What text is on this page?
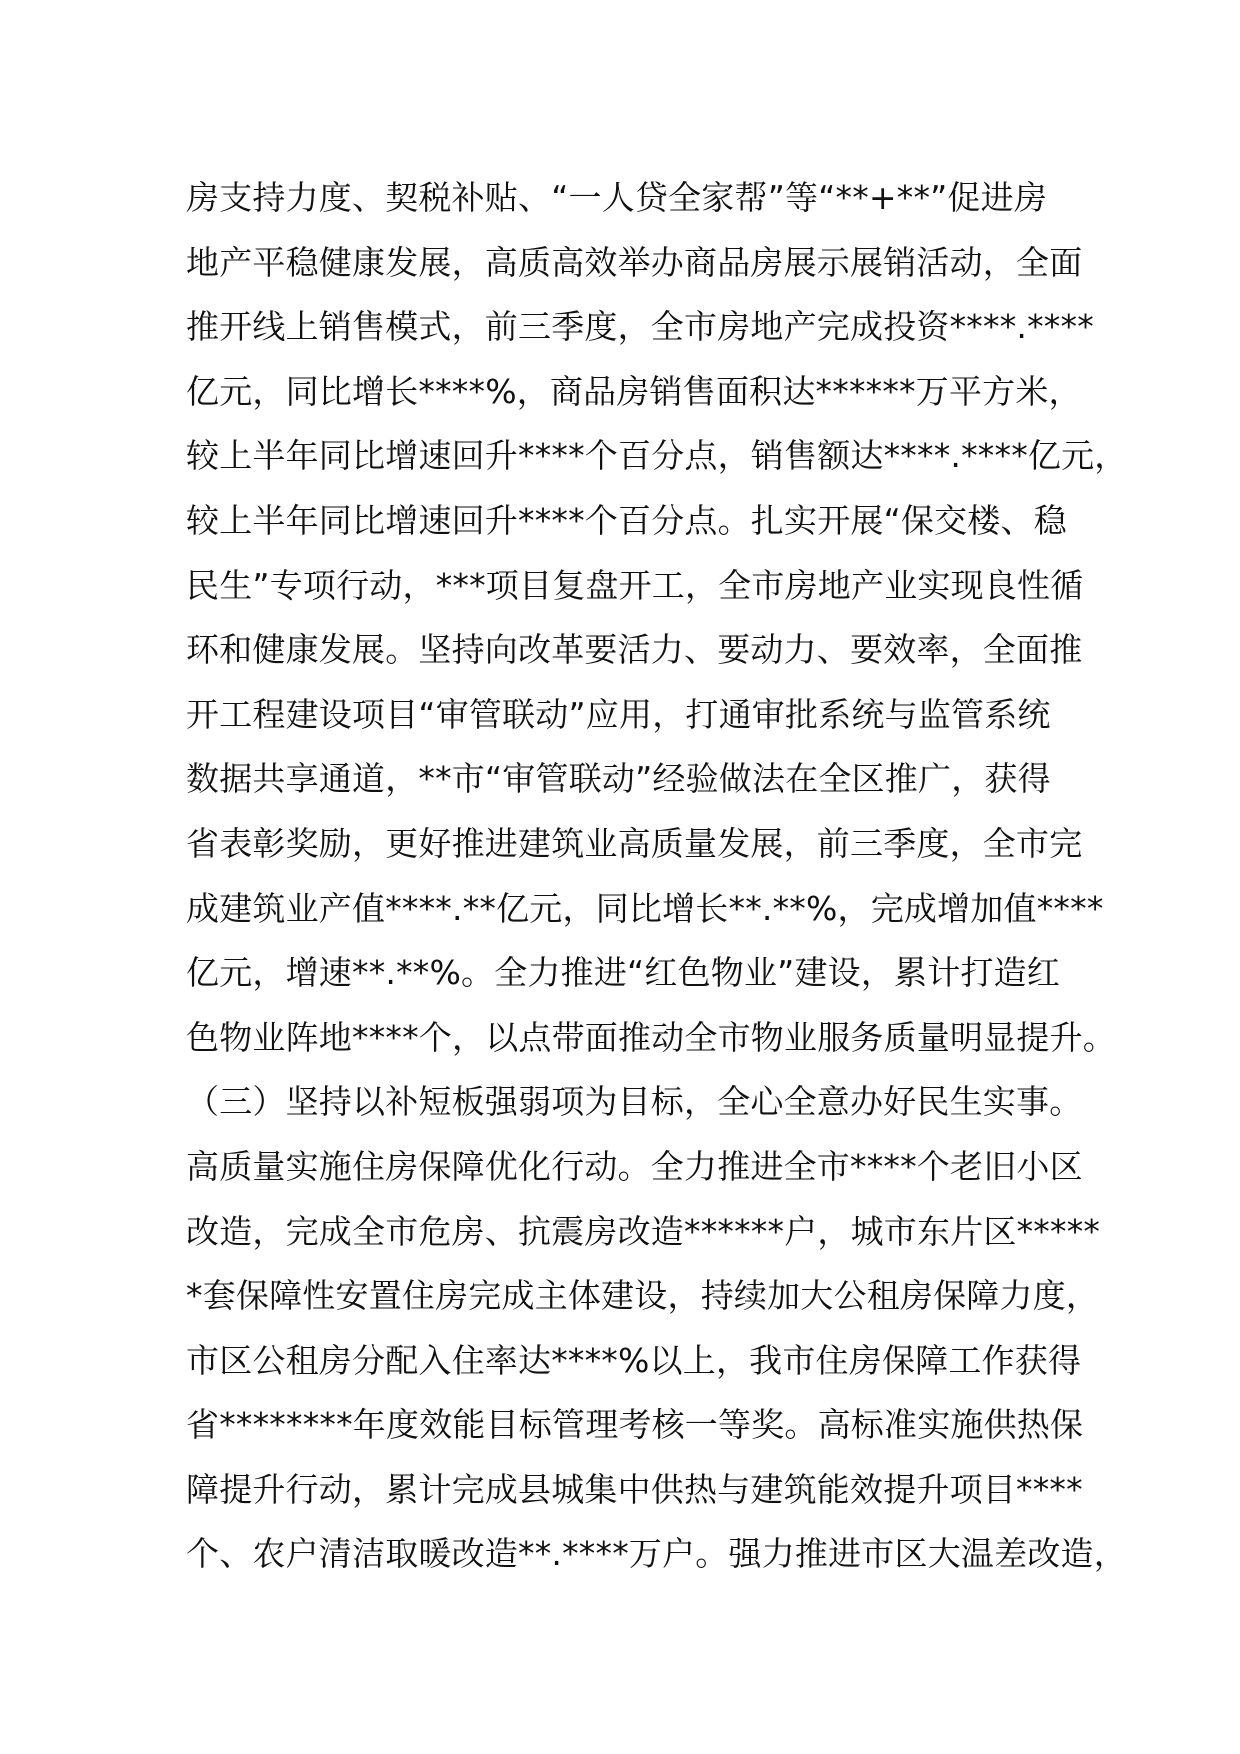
房支持力度、契税补贴、“一人贷全家帮”等“**+**”促进房
地产平稳健康发展，高质高效举办商品房展示展销活动，全面
推开线上销售模式，前三季度，全市房地产完成投资****.****
亿元，同比增长****%，商品房销售面积达******万平方米，
较上半年同比增速回升****个百分点，销售额达****.****亿元，
较上半年同比增速回升****个百分点。扎实开展“保交楼、稳
民生”专项行动，***项目复盘开工，全市房地产业实现良性循
环和健康发展。坚持向改革要活力、要动力、要效率，全面推
开工程建设项目“审管联动”应用，打通审批系统与监管系统
数据共享通道，**市“审管联动”经验做法在全区推广，获得
省表彰奖励，更好推进建筑业高质量发展，前三季度，全市完
成建筑业产值****.**亿元，同比增长**.**%，完成增加值****
亿元，增速**.**%。全力推进“红色物业”建设，累计打造红
色物业阵地****个，以点带面推动全市物业服务质量明显提升。
（三）坚持以补短板强弱项为目标，全心全意办好民生实事。
高质量实施住房保障优化行动。全力推进全市****个老旧小区
改造，完成全市危房、抗震房改造******户，城市东片区*****
*套保障性安置住房完成主体建设，持续加大公租房保障力度，
市区公租房分配入住率达****%以上，我市住房保障工作获得
省********年度效能目标管理考核一等奖。高标准实施供热保
障提升行动，累计完成县城集中供热与建筑能效提升项目****
个、农户清洁取暖改造**.****万户。强力推进市区大温差改造，
